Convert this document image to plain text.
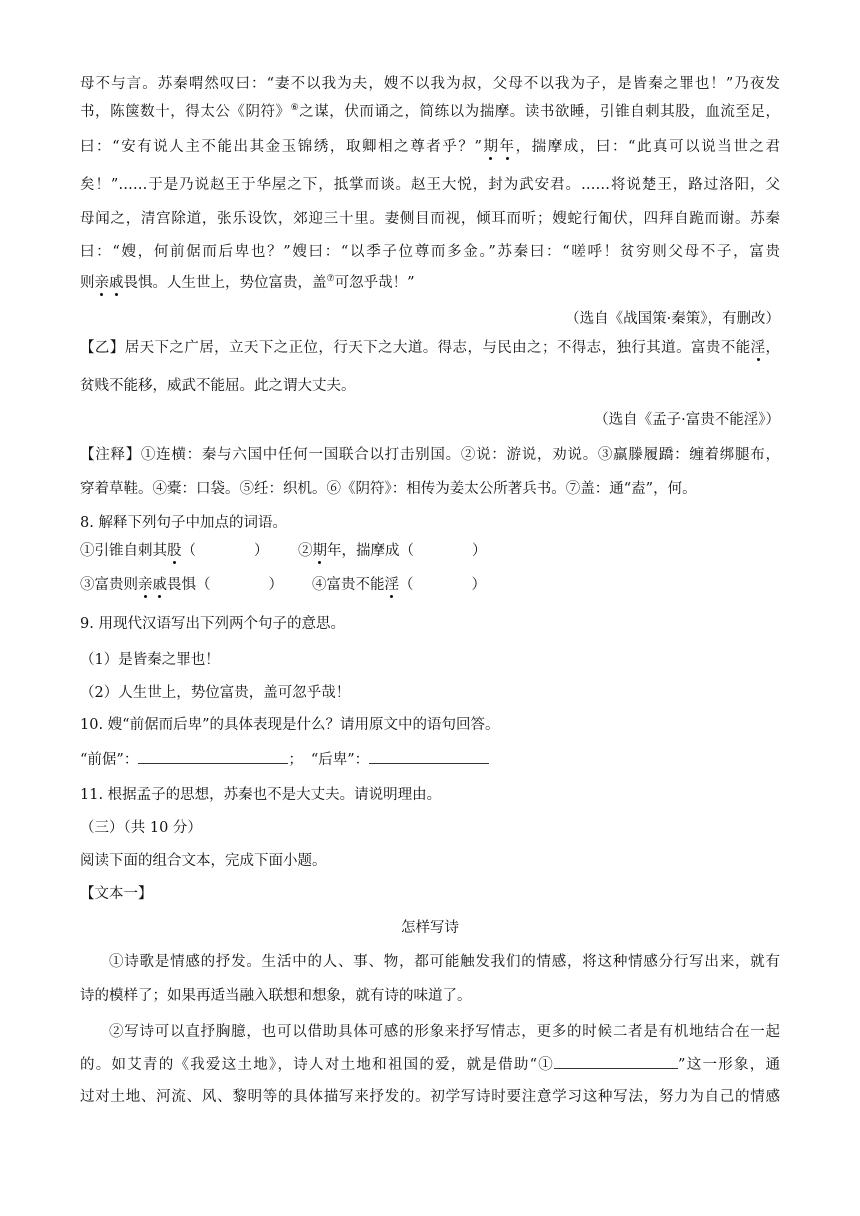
母不与言。苏秦喟然叹曰：“妻不以我为夫，嫂不以我为叔，父母不以我为子，是皆秦之罪也！”乃夜发
书，陈箧数十，得太公《阴符》⑥之谋，伏而诵之，简练以为揣摩。读书欲睡，引锥自刺其股，血流至足，
曰：“安有说人主不能出其金玉锦绣，取卿相之尊者乎？”期年，揣摩成，曰：“此真可以说当世之君
矣！”……于是乃说赵王于华屋之下，抵掌而谈。赵王大悦，封为武安君。……将说楚王，路过洛阳，父
母闻之，清宫除道，张乐设饮，郊迎三十里。妻侧目而视，倾耳而听；嫂蛇行匍伏，四拜自跪而谢。苏秦
曰：“嫂，何前倨而后卑也？”嫂曰：“以季子位尊而多金。”苏秦曰：“嗟呼！贫穷则父母不子，富贵
则亲戚畏惧。人生世上，势位富贵，盖⑦可忽乎哉！”
（选自《战国策·秦策》，有删改）
【乙】居天下之广居，立天下之正位，行天下之大道。得志，与民由之；不得志，独行其道。富贵不能淫，
贫贱不能移，威武不能屈。此之谓大丈夫。
（选自《孟子·富贵不能淫》）
【注释】①连横：秦与六国中任何一国联合以打击别国。②说：游说，劝说。③羸滕履蹻：缠着绑腿布，
穿着草鞋。④橐：口袋。⑤纴：织机。⑥《阴符》：相传为姜太公所著兵书。⑦盖：通“盍”，何。
8. 解释下列句子中加点的词语。
①引锥自刺其股（　　　　） ②期年，揣摩成（　　　　）
③富贵则亲戚畏惧（　　　　） ④富贵不能淫（　　　　）
9. 用现代汉语写出下列两个句子的意思。
（1）是皆秦之罪也！
（2）人生世上，势位富贵，盖可忽乎哉！
10. 嫂“前倨而后卑”的具体表现是什么？请用原文中的语句回答。
“前倨”：	； “后卑”：
11. 根据孟子的思想，苏秦也不是大丈夫。请说明理由。
（三）（共 10 分）
阅读下面的组合文本，完成下面小题。
【文本一】
怎样写诗
①诗歌是情感的抒发。生活中的人、事、物，都可能触发我们的情感，将这种情感分行写出来，就有
诗的模样了；如果再适当融入联想和想象，就有诗的味道了。
②写诗可以直抒胸臆，也可以借助具体可感的形象来抒写情志，更多的时候二者是有机地结合在一起
的。如艾青的《我爱这土地》，诗人对土地和祖国的爱，就是借助“①	”这一形象，通
过对土地、河流、风、黎明等的具体描写来抒发的。初学写诗时要注意学习这种写法，努力为自己的情感
